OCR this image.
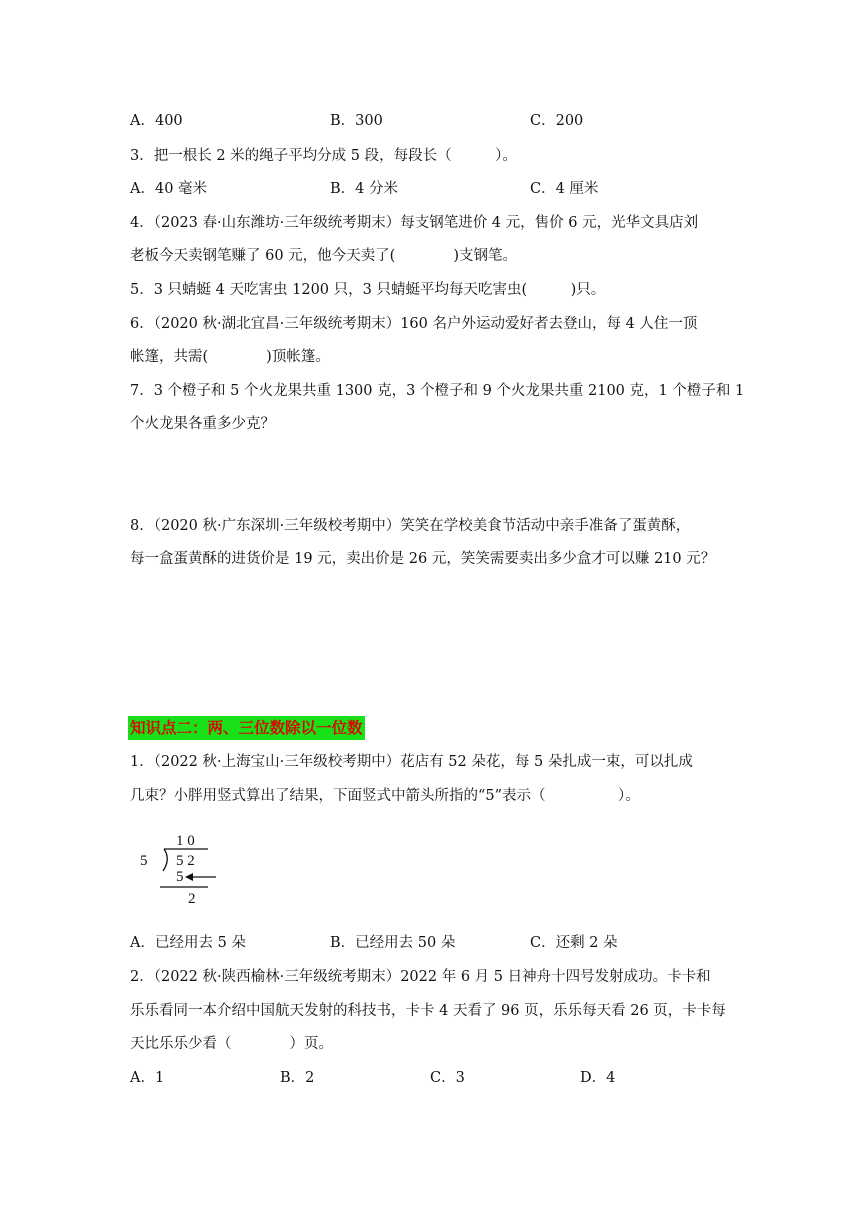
A．400	B．300	C．200
3．把一根长 2 米的绳子平均分成 5 段，每段长（　　　）。
A．40 毫米	B．4 分米	C．4 厘米
4．（2023 春·山东潍坊·三年级统考期末）每支钢笔进价 4 元，售价 6 元，光华文具店刘
老板今天卖钢笔赚了 60 元，他今天卖了(　　　　)支钢笔。
5．3 只蜻蜓 4 天吃害虫 1200 只，3 只蜻蜓平均每天吃害虫(　　　)只。
6．（2020 秋·湖北宜昌·三年级统考期末）160 名户外运动爱好者去登山，每 4 人住一顶
帐篷，共需(　　　　)顶帐篷。
7．3 个橙子和 5 个火龙果共重 1300 克，3 个橙子和 9 个火龙果共重 2100 克，1 个橙子和 1
个火龙果各重多少克？
8．（2020 秋·广东深圳·三年级校考期中）笑笑在学校美食节活动中亲手准备了蛋黄酥，
每一盒蛋黄酥的进货价是 19 元，卖出价是 26 元，笑笑需要卖出多少盒才可以赚 210 元？
知识点二：两、三位数除以一位数
1．（2022 秋·上海宝山·三年级校考期中）花店有 52 朵花，每 5 朵扎成一束，可以扎成
几束？小胖用竖式算出了结果，下面竖式中箭头所指的“5”表示（　　　　　）。
5
1 0
5 2
5
2
A．已经用去 5 朵	B．已经用去 50 朵	C．还剩 2 朵
2．（2022 秋·陕西榆林·三年级统考期末）2022 年 6 月 5 日神舟十四号发射成功。卡卡和
乐乐看同一本介绍中国航天发射的科技书，卡卡 4 天看了 96 页，乐乐每天看 26 页，卡卡每
天比乐乐少看（　　　　）页。
A．1	B．2	C．3	D．4
